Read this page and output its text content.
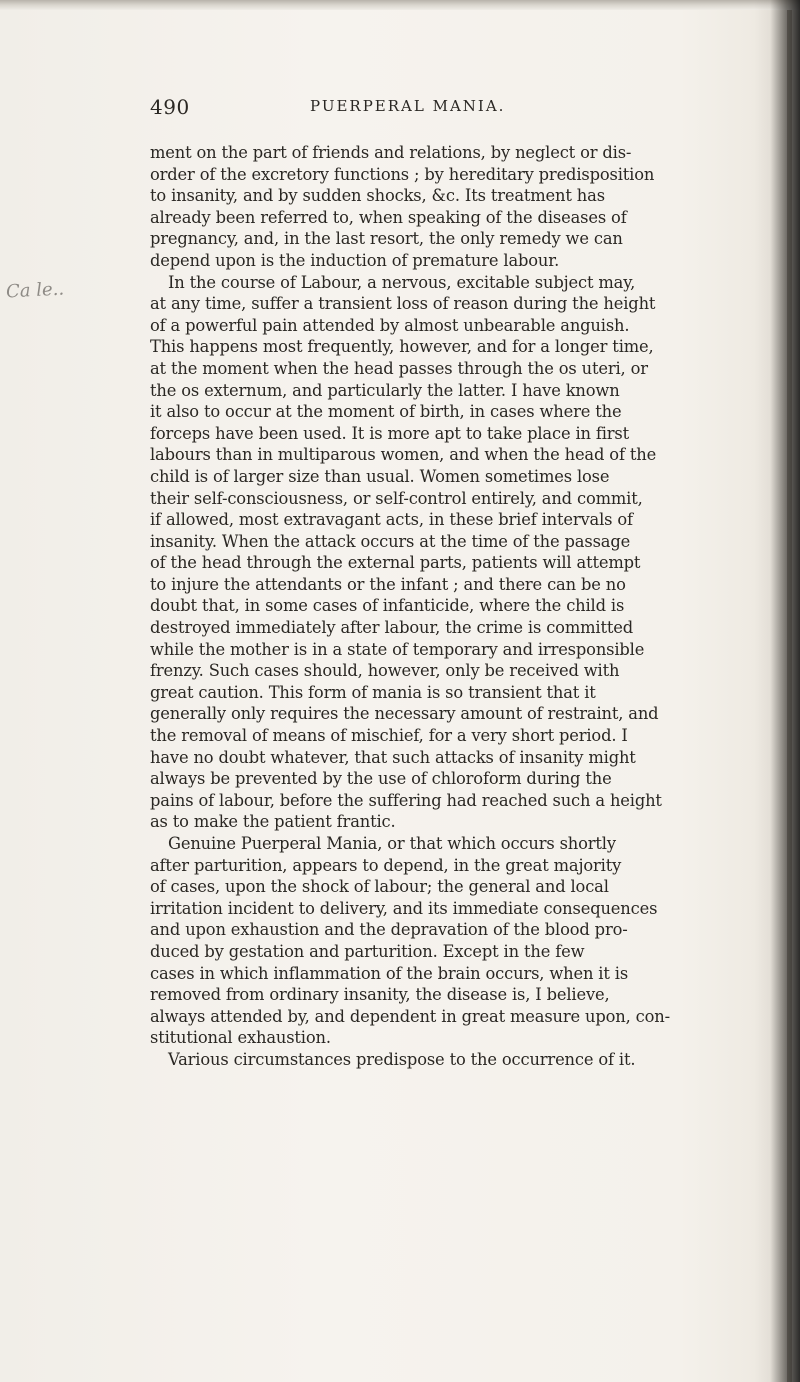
490	PUERPERAL MANIA.
Ca le..
ment on the part of friends and relations, by neglect or dis-
order of the excretory functions ; by hereditary predisposition
to insanity, and by sudden shocks, &c. Its treatment has
already been referred to, when speaking of the diseases of
pregnancy, and, in the last resort, the only remedy we can
depend upon is the induction of premature labour.
In the course of Labour, a nervous, excitable subject may,
at any time, suffer a transient loss of reason during the height
of a powerful pain attended by almost unbearable anguish.
This happens most frequently, however, and for a longer time,
at the moment when the head passes through the os uteri, or
the os externum, and particularly the latter. I have known
it also to occur at the moment of birth, in cases where the
forceps have been used. It is more apt to take place in first
labours than in multiparous women, and when the head of the
child is of larger size than usual. Women sometimes lose
their self-consciousness, or self-control entirely, and commit,
if allowed, most extravagant acts, in these brief intervals of
insanity. When the attack occurs at the time of the passage
of the head through the external parts, patients will attempt
to injure the attendants or the infant ; and there can be no
doubt that, in some cases of infanticide, where the child is
destroyed immediately after labour, the crime is committed
while the mother is in a state of temporary and irresponsible
frenzy. Such cases should, however, only be received with
great caution. This form of mania is so transient that it
generally only requires the necessary amount of restraint, and
the removal of means of mischief, for a very short period. I
have no doubt whatever, that such attacks of insanity might
always be prevented by the use of chloroform during the
pains of labour, before the suffering had reached such a height
as to make the patient frantic.
Genuine Puerperal Mania, or that which occurs shortly
after parturition, appears to depend, in the great majority
of cases, upon the shock of labour; the general and local
irritation incident to delivery, and its immediate consequences
and upon exhaustion and the depravation of the blood pro-
duced by gestation and parturition. Except in the few
cases in which inflammation of the brain occurs, when it is
removed from ordinary insanity, the disease is, I believe,
always attended by, and dependent in great measure upon, con-
stitutional exhaustion.
Various circumstances predispose to the occurrence of it.
